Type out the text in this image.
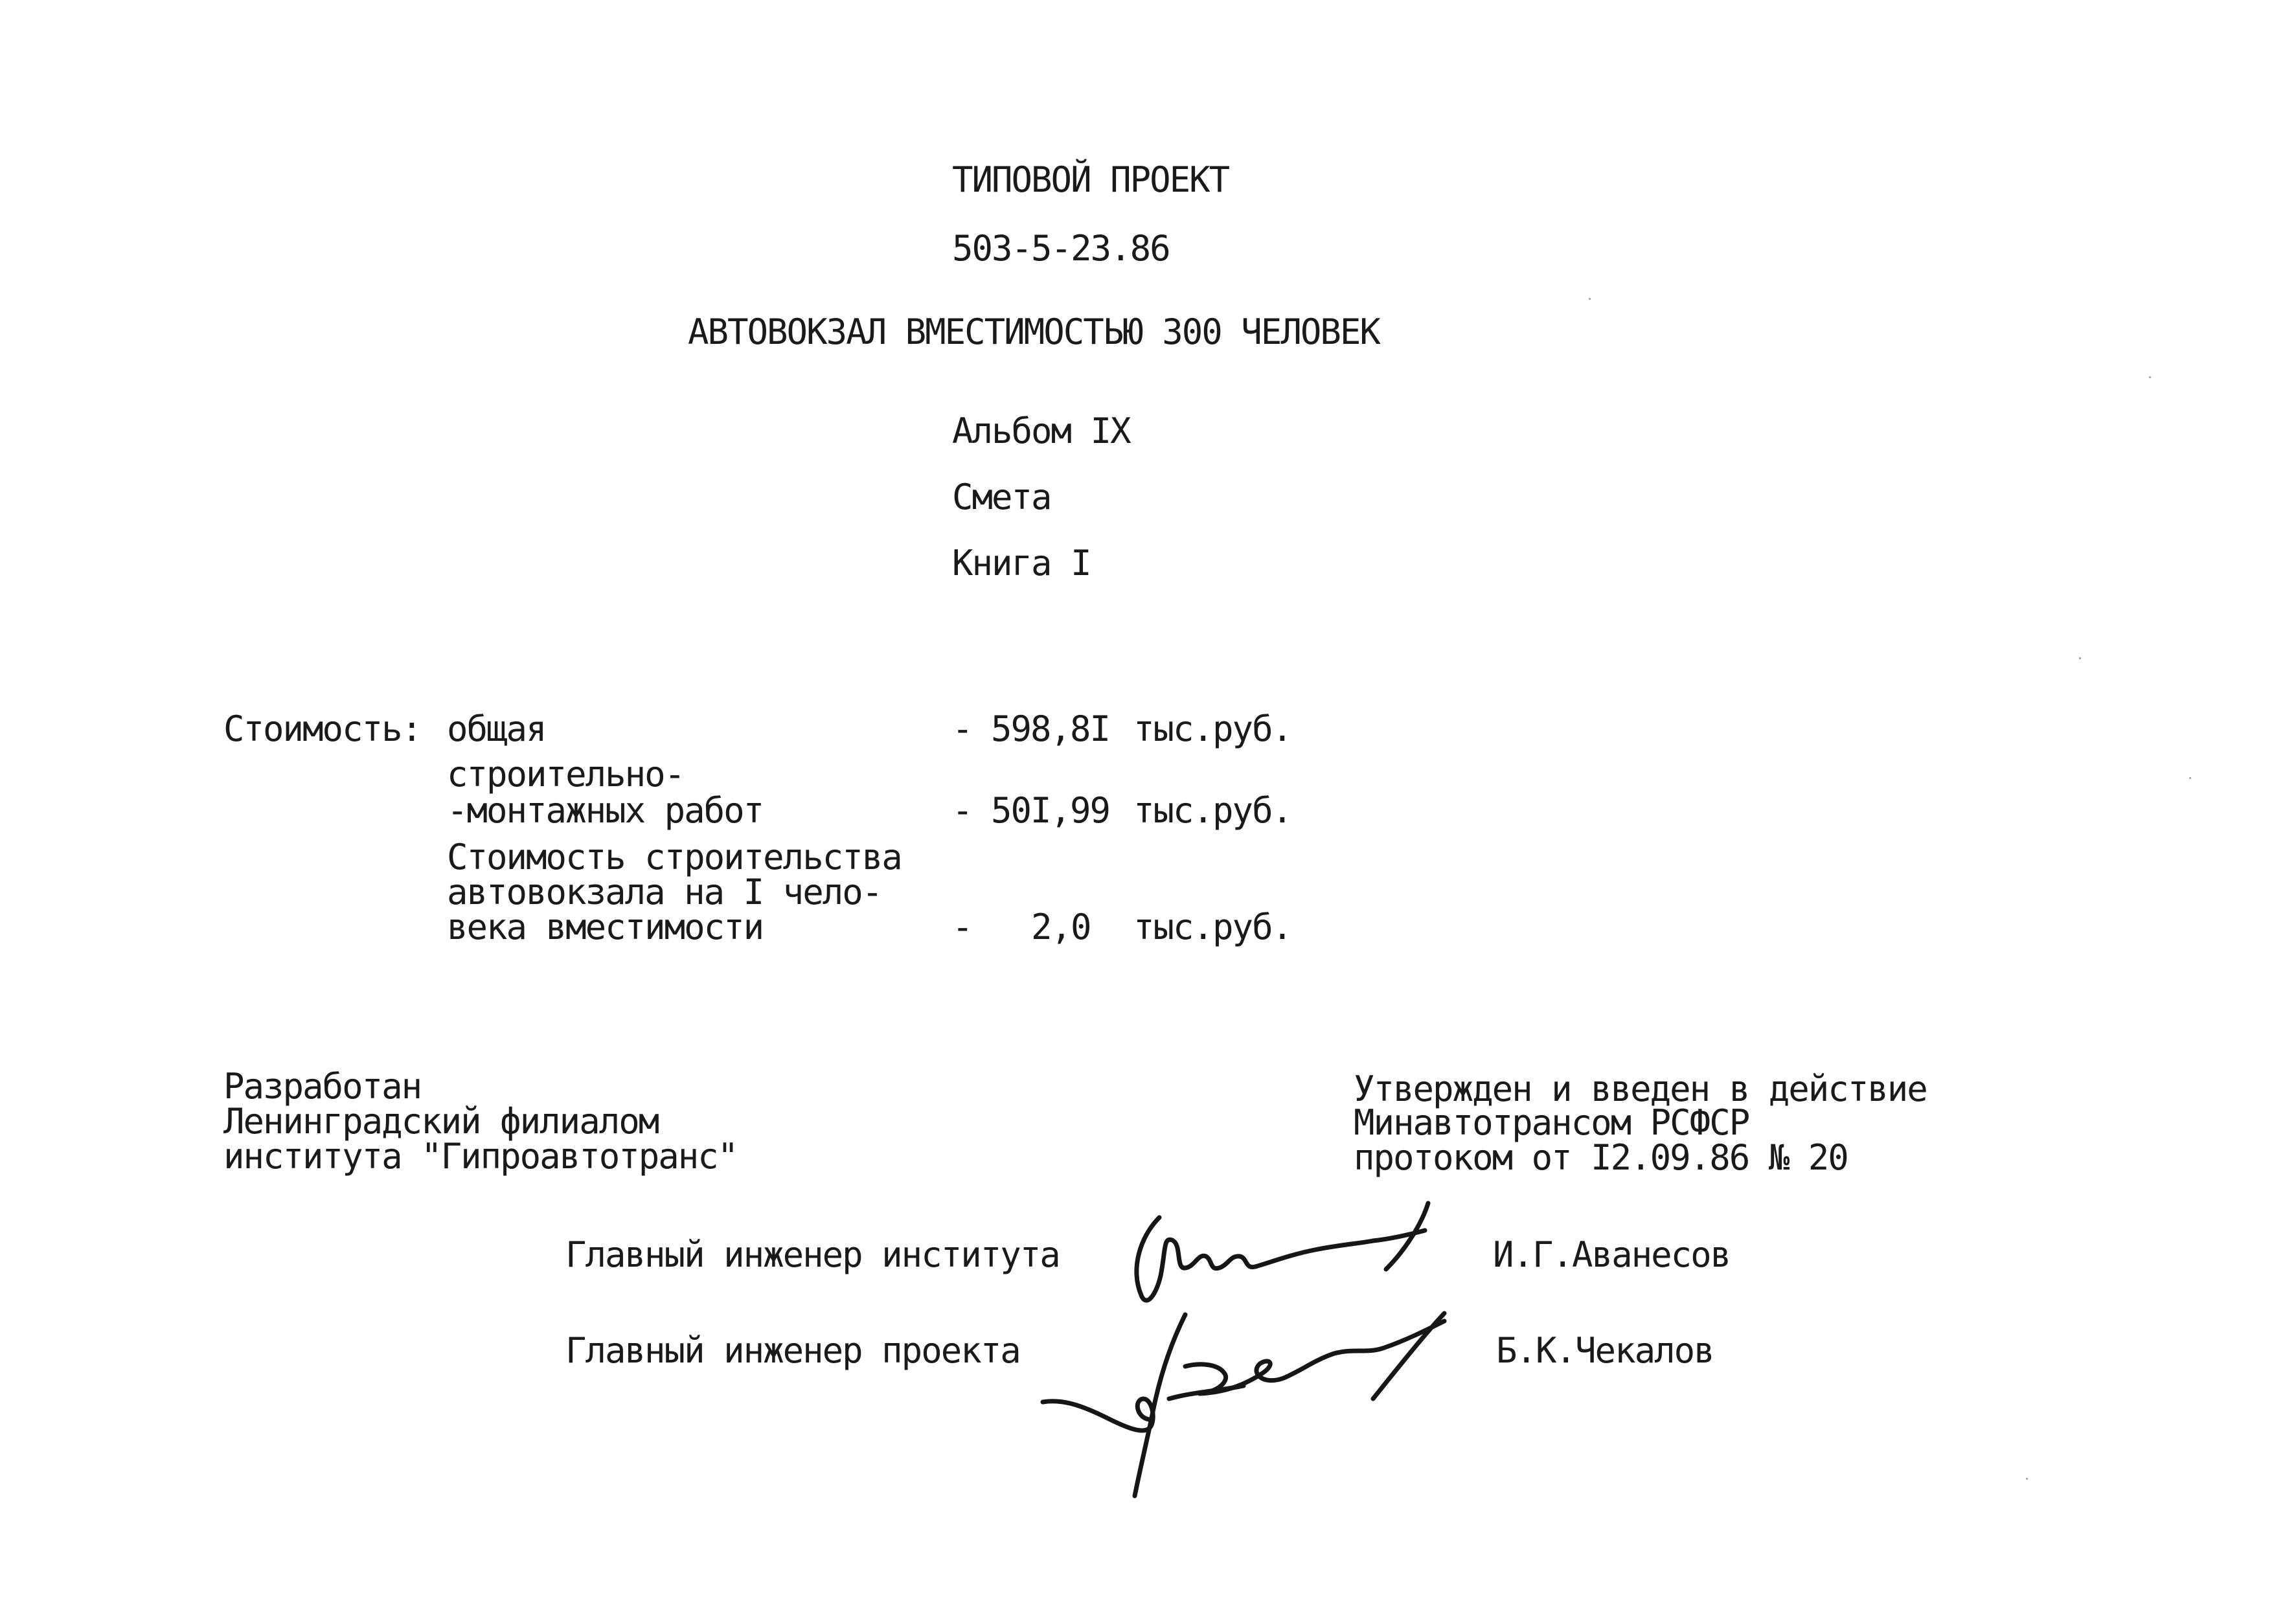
ТИПОВОЙ ПРОЕКТ
503-5-23.86
АВТОВОКЗАЛ ВМЕСТИМОСТЬЮ 300 ЧЕЛОВЕК
Альбом IX
Смета
Книга I
Стоимость: общая	- 598,8I тыс.руб.
строительно-
-монтажных работ	- 50I,99 тыс.руб.
Стоимость строительства
автовокзала на I чело-
века вместимости	- 2,0 тыс.руб.
Разработан
Ленинградский филиалом
института "Гипроавтотранс"
Утвержден и введен в действие
Минавтотрансом РСФСР
протоком от I2.09.86 № 20
Главный инженер института	И.Г.Аванесов
Главный инженер проекта	Б.К.Чекалов
